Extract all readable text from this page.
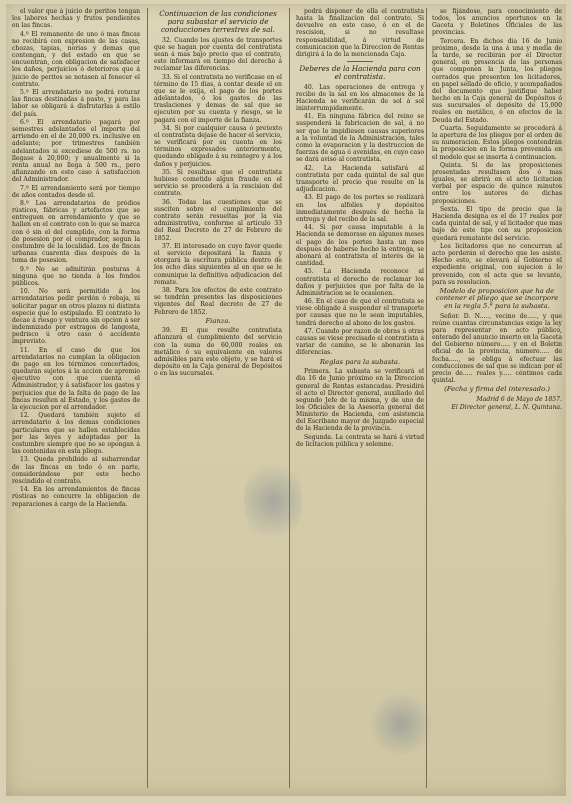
el valor que á juicio de peritos tengan los labores hechas y frutos pendientes en las fincas.

4.º El remanente de uno ó mas fincas no recibirá con expresion de las casas, chozas, tapias, norias y demas que contengan, y del estado en que se encuentran, con obligacion de satisfacer los daños, perjuicios ó deterioros que á juicio de peritos se notasen al fenecer el contrato.

5.º El arrendatario no podrá roturar las fincas destinadas á pasto, y para las labor se obligará á disfrutarlas á estilo del país.

6.º El arrendatario pagará por semestres adelantados el importe del arriendo en el de 20,000 rs. inclusive en adelante; por trimestres también adelantados si excediese de 500 rs. no llegase á 20,000; y anualmente si la renta anual no llega á 500 rs., pero afianzando en este caso á satisfaccion del Administrador.

7.º El arrendamiento será por tiempo de años contados desde el.

8.º Los arrendatarios de prédios rústicos, fábricas y artefactos que se entreguen en arrendamiento y que se hallen en el contrato con lo que se marca con ó sin el del cumplido, con la forma de posesion por el comprador, segun la costumbre de la localidad. Los de fincas urbanas cuarenta dias después de la toma de posesion.

9.º No se admitirán posturas á ninguna que no tienda á los fondos públicos.

10. No será permitido á los arrendatarios pedir perdón ó rebaja, ni solicitar pagar en otros plazos ni distinta especie que lo estipulado. El contrato lo decae á riesgo y ventura sin opcion á ser indemnizado por estragos de langosta, pedrisco ú otro caso ó accidente imprevisto.

11. En el caso de que los arrendatarios no cumplan la obligacion de pago en los términos concertados, quedarán sujetos á la accion de apremio ejecutivo con que cuenta el Administrador, y á satisfacer los gastos y perjuicios que de la falta de pago de las fincas resulten al Estado, y los gastos de la ejecucion por el arrendador.

12. Quedará también sujeto el arrendatario á los demas condiciones particulares que se hallen establecidas por las leyes y adoptadas por la costumbre siempre que no se opongan á las contenidas en esta pliego.

13. Queda prohibido al subarrendar de las fincas en todo ó en parte, considerándose por este hecho rescindido el contrato.

14. En los arrendamientos de fincas rústicas no concurre la obligacion de reparaciones á cargo de la Hacienda.

Continuacion de las condiciones para subastar el servicio de conducciones terrestres de sal.

32. Cuando los ajustes de transportes que se hagan por cuenta del contratista sean á mas bajo precio que el contrato, este informará en tiempo del derecho á reclamar las diferencias.

33. Si el contratista no verificase en el término de 15 dias, á contar desde el en que se le exija, el pago de los portes adelantados, ó los gastos de las traslaciones y demas de sal que se ejecuten por su cuenta y riesgo, se le pagará con el importe de la fianza.

34. Si por cualquier causa ó pretexto el contratista dejase de hacer el servicio, se verificará por su cuenta en los términos expresados anteriormente, quedando obligado á su reintegro y á los daños y perjuicios.

35. Si resultase que el contratista hubiese cometido algun fraude en el servicio se procederá á la rescision del contrato.

36. Todas las cuestiones que se susciten sobre el cumplimiento del contrato serán resueltas por la via administrativa, conforme al artículo 33 del Real Decreto de 27 de Febrero de 1852.

37. El interesado en cuyo favor quede el servicio depositará la fianza y otorgará la escritura pública dentro de los ocho días siguientes al en que se le comunique la definitiva adjudicacion del remate.

38. Para los efectos de este contrato se tendrán presentes las disposiciones vigentes del Real decreto de 27 de Febrero de 1852.

Fianza.

39. El que resulte contratista afianzará el cumplimiento del servicio con la suma de 60,000 reales en metálico ó su equivalente en valores admisibles para este objeto, y se hará el depósito en la Caja general de Depósitos o en las sucursales.

podrá disponer de ella el contratista hasta la finalizacion del contrato. Si devuelve en este caso, ó en el de rescision, si no resultase responsabilidad, á virtud de comunicacion que la Direccion de Rentas dirigirá á la de la mencionada Caja.

Deberes de la Hacienda para con el contratista.

40. Las operaciones de entrega y recibo de la sal en los almacenes de la Hacienda se verificarán de sol á sol ininterrumpidamente.

41. En ninguna fábrica del reino se suspenderá la fabricacion de sal, á no ser que lo impidiesen causas superiores a la voluntad de la Administracion, tales como la evaporacion y la destruccion de fuerzas de agua ó avenidas, en cuyo caso se dará aviso al contratista.

42. La Hacienda satisfará al contratista por cada quintal de sal que transporte el precio que resulte en la adjudicacion.

43. El pago de los portes se realizará en los alfolíes y depósitos inmediatamente después de hecha la entrega y del recibo de la sal.

44. Si por causa imputable á la Hacienda se demorase en algunos meses el pago de los portes hasta un mes despues de haberse hecho la entrega, se abonará al contratista el interés de la cantidad.

45. La Hacienda reconoce al contratista el derecho de reclamar los daños y perjuicios que por falta de la Administracion se le ocasionen.

46. En el caso de que el contratista se viese obligado á suspender el transporte por causas que no le sean imputables, tendrá derecho al abono de los gastos.

47. Cuando por razon de obras ú otras causas se viese precisado el contratista á variar de camino, se le abonarán las diferencias.

Reglas para la subasta.

Primera. La subasta se verificará el dia 16 de Junio próximo en la Direccion general de Rentas estancadas. Presidirá el acto el Director general, auxiliado del segundo Jefe de la misma, y de uno de los Oficiales de la Asesoría general del Ministerio de Hacienda, con asistencia del Escribano mayor de Juzgado especial de la Hacienda de la provincia.

Segunda. La contrata se hará á virtud de licitacion pública y solemne.

se fijándose, para conocimiento de todos, los anuncios oportunos en la Gaceta y Boletines Oficiales de las provincias.

Tercera. En dichos dia 16 de Junio próximo, desde la una á una y media de la tarde, se recibirán por el Director general, en presencia de las personas que componen la Junta, los pliegos cerrados que presenten los licitadores, en papel sellado de oficio, y acompañados del documento que justifique haber hecho en la Caja general de Depósitos ó sus sucursales el depósito de 15,000 reales en metálico, ó en efectos de la Deuda del Estado.

Cuarta. Seguidamente se procederá á la apertura de los pliegos por el orden de su numeracion. Estos pliegos contendrán la proposicion en la forma prevenida en el modelo que se inserta á continuacion.

Quinta. Si de las proposiciones presentadas resultasen dos ó mas iguales, se abrirá en el acto licitacion verbal por espacio de quince minutos entre los autores de dichas proposiciones.

Sexta. El tipo de precio que la Hacienda designa es el de 17 reales por cada quintal de sal, y el licitador que mas baje de este tipo con su proposicion quedará rematante del servicio.

Los licitadores que no concurran al acto perderán el derecho que les asiste. Hecho esto, se elevará al Gobierno el expediente original, con sujecion á lo prevenido, con el acta que se levante, para su resolucion.

Modelo de proposicion que ha de contener el pliego que se incorpore en la regla 5.ª para la subasta.

Señor. D. N....., vecino de....., y que reúne cuantas circunstancias exige la ley para representar en acto público, enterado del anuncio inserto en la Gaceta del Gobierno número..... y en el Boletin oficial de la provincia, número..... de fecha....., se obliga á efectuar las conducciones de sal que se indican por el precio de..... reales y..... céntimos cada quintal.

(Fecha y firma del interesado.)

Madrid 6 de Mayo de 1857.

El Director general, L. N. Quintana.
